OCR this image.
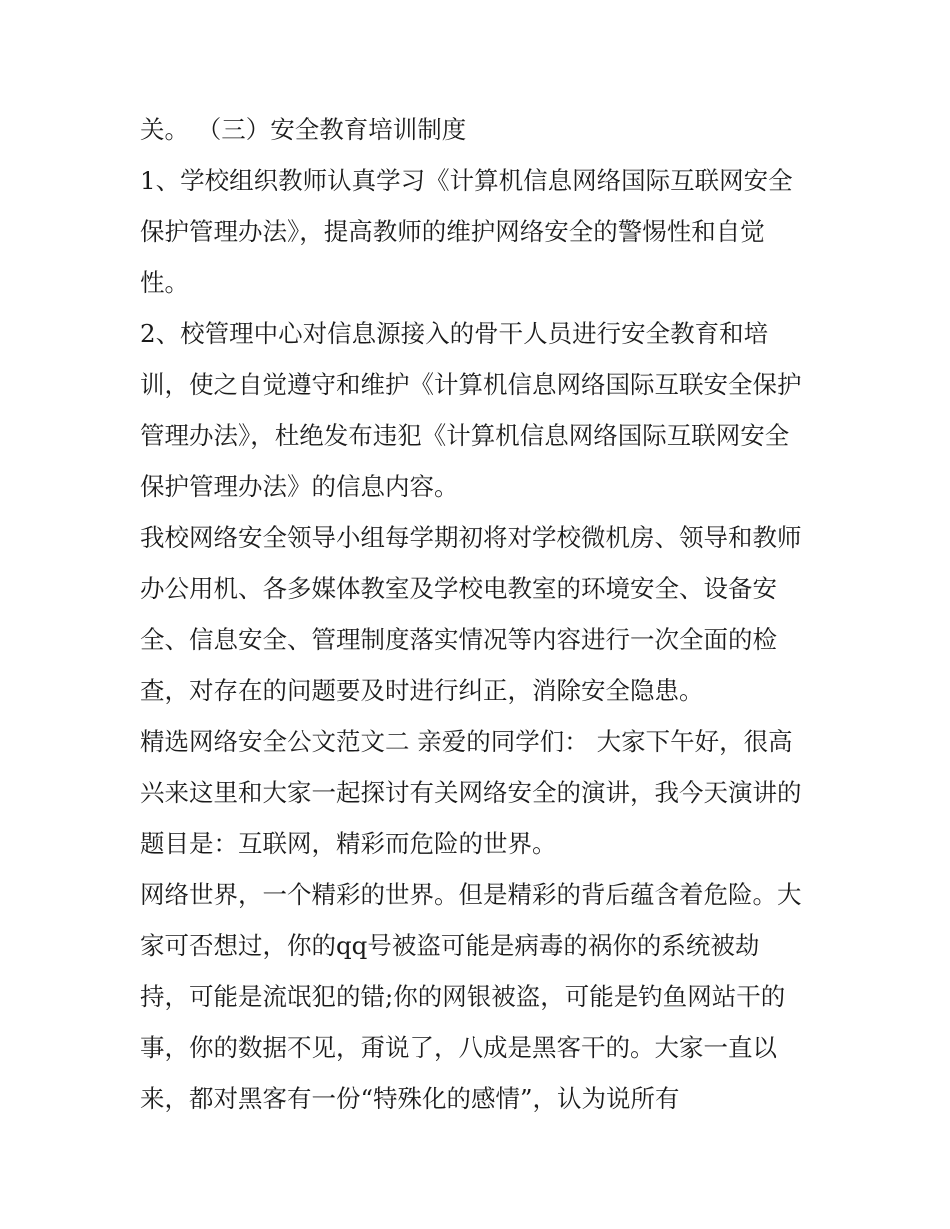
关。 （三）安全教育培训制度
1、学校组织教师认真学习《计算机信息网络国际互联网安全
保护管理办法》，提高教师的维护网络安全的警惕性和自觉
性。
2、校管理中心对信息源接入的骨干人员进行安全教育和培
训，使之自觉遵守和维护《计算机信息网络国际互联安全保护
管理办法》，杜绝发布违犯《计算机信息网络国际互联网安全
保护管理办法》的信息内容。
我校网络安全领导小组每学期初将对学校微机房、领导和教师
办公用机、各多媒体教室及学校电教室的环境安全、设备安
全、信息安全、管理制度落实情况等内容进行一次全面的检
查，对存在的问题要及时进行纠正，消除安全隐患。
精选网络安全公文范文二 亲爱的同学们： 大家下午好，很高
兴来这里和大家一起探讨有关网络安全的演讲，我今天演讲的
题目是：互联网，精彩而危险的世界。
网络世界，一个精彩的世界。但是精彩的背后蕴含着危险。大
家可否想过，你的qq号被盗可能是病毒的祸你的系统被劫
持，可能是流氓犯的错;你的网银被盗，可能是钓鱼网站干的
事，你的数据不见，甭说了，八成是黑客干的。大家一直以
来，都对黑客有一份“特殊化的感情”，认为说所有
